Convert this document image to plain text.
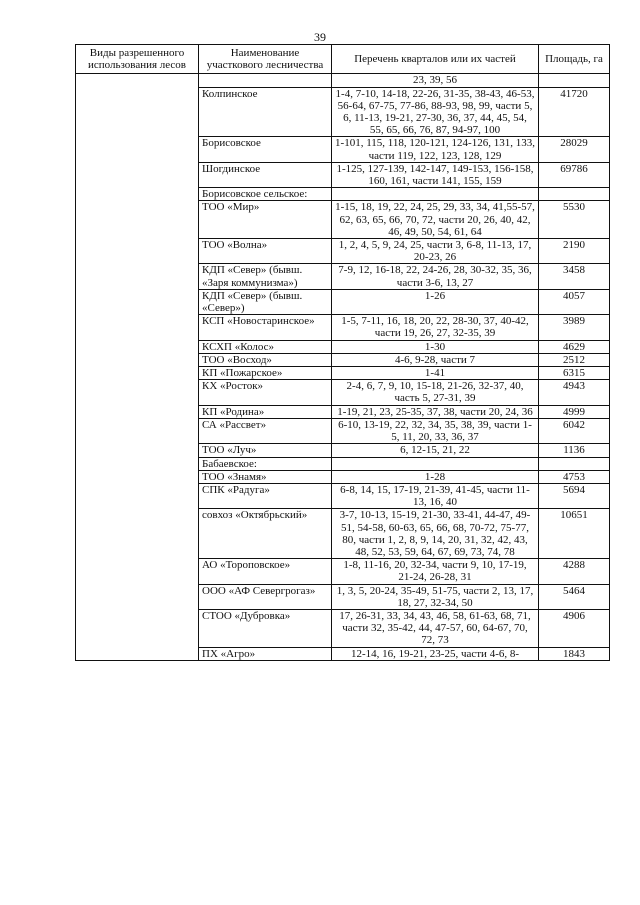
39
Виды разрешенного использования лесов	Наименование участкового лесничества	Перечень кварталов или их частей	Площадь, га
		23, 39, 56	
	Колпинское	1-4, 7-10, 14-18, 22-26, 31-35, 38-43, 46-53, 56-64, 67-75, 77-86, 88-93, 98, 99, части 5, 6, 11-13, 19-21, 27-30, 36, 37, 44, 45, 54, 55, 65, 66, 76, 87, 94-97, 100	41720
	Борисовское	1-101, 115, 118, 120-121, 124-126, 131, 133, части 119, 122, 123, 128, 129	28029
	Шогдинское	1-125, 127-139, 142-147, 149-153, 156-158, 160, 161, части 141, 155, 159	69786
	Борисовское сельское:		
	ТОО «Мир»	1-15, 18, 19, 22, 24, 25, 29, 33, 34, 41,55-57, 62, 63, 65, 66, 70, 72, части 20, 26, 40, 42, 46, 49, 50, 54, 61, 64	5530
	ТОО «Волна»	1, 2, 4, 5, 9, 24, 25, части 3, 6-8, 11-13, 17, 20-23, 26	2190
	КДП «Север» (бывш. «Заря коммунизма»)	7-9, 12, 16-18, 22, 24-26, 28, 30-32, 35, 36, части 3-6, 13, 27	3458
	КДП «Север» (бывш. «Север»)	1-26	4057
	КСП «Новостаринское»	1-5, 7-11, 16, 18, 20, 22, 28-30, 37, 40-42, части 19, 26, 27, 32-35, 39	3989
	КСХП «Колос»	1-30	4629
	ТОО «Восход»	4-6, 9-28, части 7	2512
	КП «Пожарское»	1-41	6315
	КХ «Росток»	2-4, 6, 7, 9, 10, 15-18, 21-26, 32-37, 40, часть 5, 27-31, 39	4943
	КП «Родина»	1-19, 21, 23, 25-35, 37, 38, части 20, 24, 36	4999
	СА «Рассвет»	6-10, 13-19, 22, 32, 34, 35, 38, 39, части 1-5, 11, 20, 33, 36, 37	6042
	ТОО «Луч»	6, 12-15, 21, 22	1136
	Бабаевское:		
	ТОО «Знамя»	1-28	4753
	СПК «Радуга»	6-8, 14, 15, 17-19, 21-39, 41-45, части 11-13, 16, 40	5694
	совхоз «Октябрьский»	3-7, 10-13, 15-19, 21-30, 33-41, 44-47, 49-51, 54-58, 60-63, 65, 66, 68, 70-72, 75-77, 80, части 1, 2, 8, 9, 14, 20, 31, 32, 42, 43, 48, 52, 53, 59, 64, 67, 69, 73, 74, 78	10651
	АО «Тороповское»	1-8, 11-16, 20, 32-34, части 9, 10, 17-19, 21-24, 26-28, 31	4288
	ООО «АФ Севергрогаз»	1, 3, 5, 20-24, 35-49, 51-75, части 2, 13, 17, 18, 27, 32-34, 50	5464
	СТОО «Дубровка»	17, 26-31, 33, 34, 43, 46, 58, 61-63, 68, 71, части 32, 35-42, 44, 47-57, 60, 64-67, 70, 72, 73	4906
	ПХ «Агро»	12-14, 16, 19-21, 23-25, части 4-6, 8-	1843
